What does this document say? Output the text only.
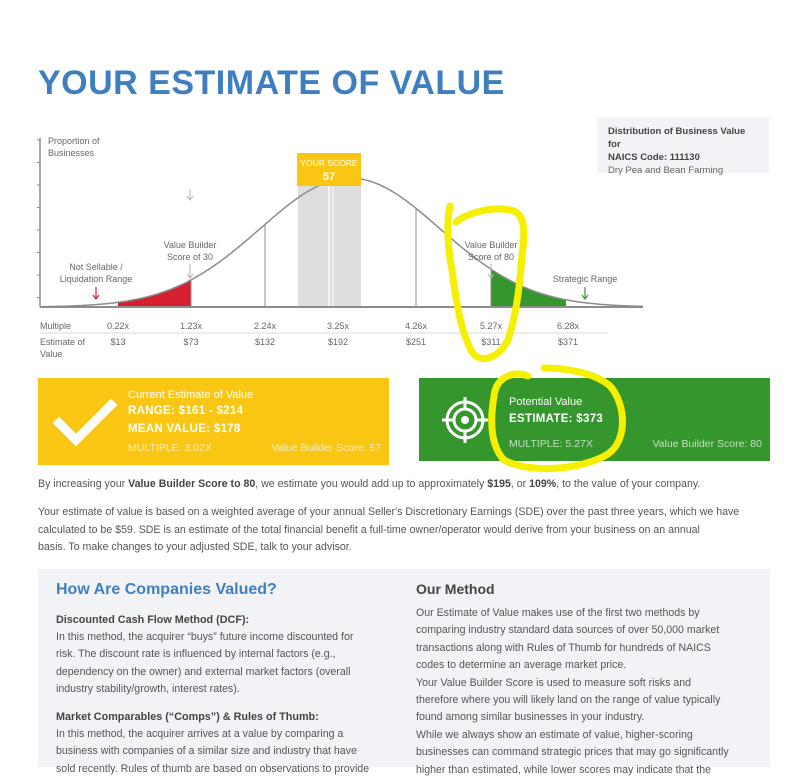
YOUR ESTIMATE OF VALUE
Proportion of
Businesses
YOUR SCORE
57
Value Builder
Score of 30
Value Builder
Score of 80
Not Sellable /
Liquidation Range	Strategic Range
Multiple
Estimate of
Value
0.22x	1.23x	2.24x	3.25x	4.26x	5.27x	6.28x
$13	$73	$132	$192	$251	$311	$371
Distribution of Business Value for
NAICS Code: 111130
Dry Pea and Bean Farming
Current Estimate of Value
RANGE: $161 - $214
MEAN VALUE: $178
MULTIPLE: 3.02X	Value Builder Score: 57
Potential Value
ESTIMATE: $373
MULTIPLE: 5.27X	Value Builder Score: 80
By increasing your Value Builder Score to 80, we estimate you would add up to approximately $195, or 109%, to the value of your company.
Your estimate of value is based on a weighted average of your annual Seller's Discretionary Earnings (SDE) over the past three years, which we have
calculated to be $59. SDE is an estimate of the total financial benefit a full-time owner/operator would derive from your business on an annual
basis. To make changes to your adjusted SDE, talk to your advisor.
How Are Companies Valued?
Discounted Cash Flow Method (DCF):
In this method, the acquirer “buys” future income discounted for
risk. The discount rate is influenced by internal factors (e.g.,
dependency on the owner) and external market factors (overall
industry stability/growth, interest rates).
Market Comparables (“Comps”) & Rules of Thumb:
In this method, the acquirer arrives at a value by comparing a
business with companies of a similar size and industry that have
sold recently. Rules of thumb are based on observations to provide
Our Method
Our Estimate of Value makes use of the first two methods by
comparing industry standard data sources of over 50,000 market
transactions along with Rules of Thumb for hundreds of NAICS
codes to determine an average market price.
Your Value Builder Score is used to measure soft risks and
therefore where you will likely land on the range of value typically
found among similar businesses in your industry.
While we always show an estimate of value, higher-scoring
businesses can command strategic prices that may go significantly
higher than estimated, while lower scores may indicate that the
